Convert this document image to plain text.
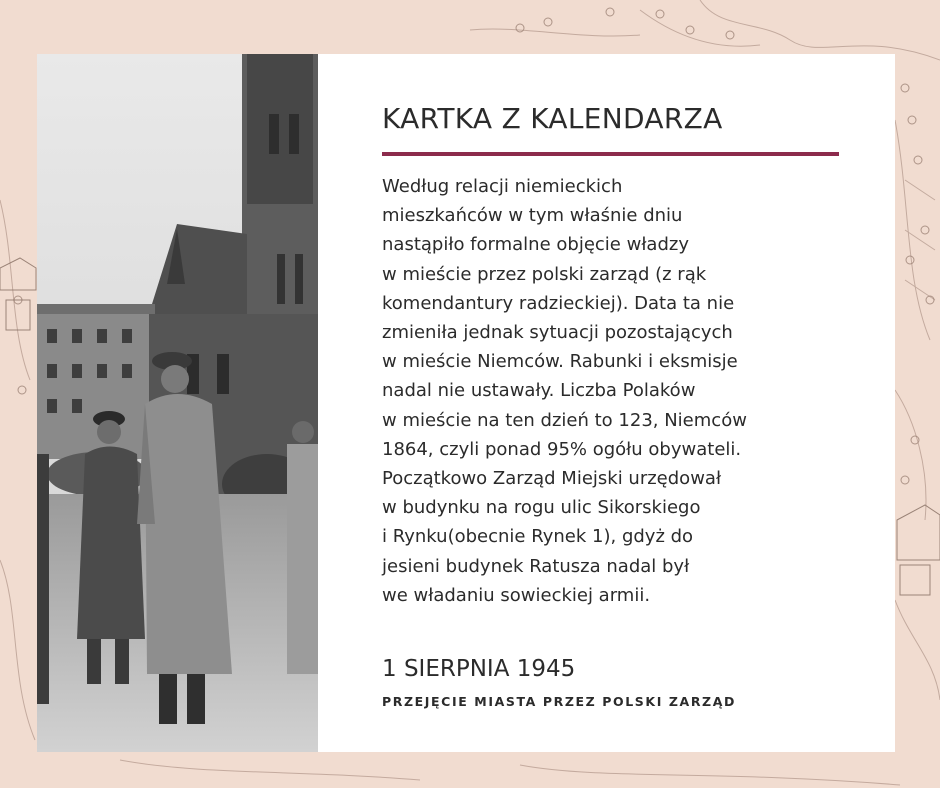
KARTKA Z KALENDARZA
Według relacji niemieckich
mieszkańców w tym właśnie dniu
nastąpiło formalne objęcie władzy
w mieście przez polski zarząd (z rąk
komendantury radzieckiej). Data ta nie
zmieniła jednak sytuacji pozostających
w mieście Niemców. Rabunki i eksmisje
nadal nie ustawały. Liczba Polaków
w mieście na ten dzień to 123, Niemców
1864, czyli ponad 95% ogółu obywateli.
Początkowo Zarząd Miejski urzędował
w budynku na rogu ulic Sikorskiego
i Rynku(obecnie Rynek 1), gdyż do
jesieni budynek Ratusza nadal był
we władaniu sowieckiej armii.
1 SIERPNIA 1945
PRZEJĘCIE MIASTA PRZEZ POLSKI ZARZĄD
